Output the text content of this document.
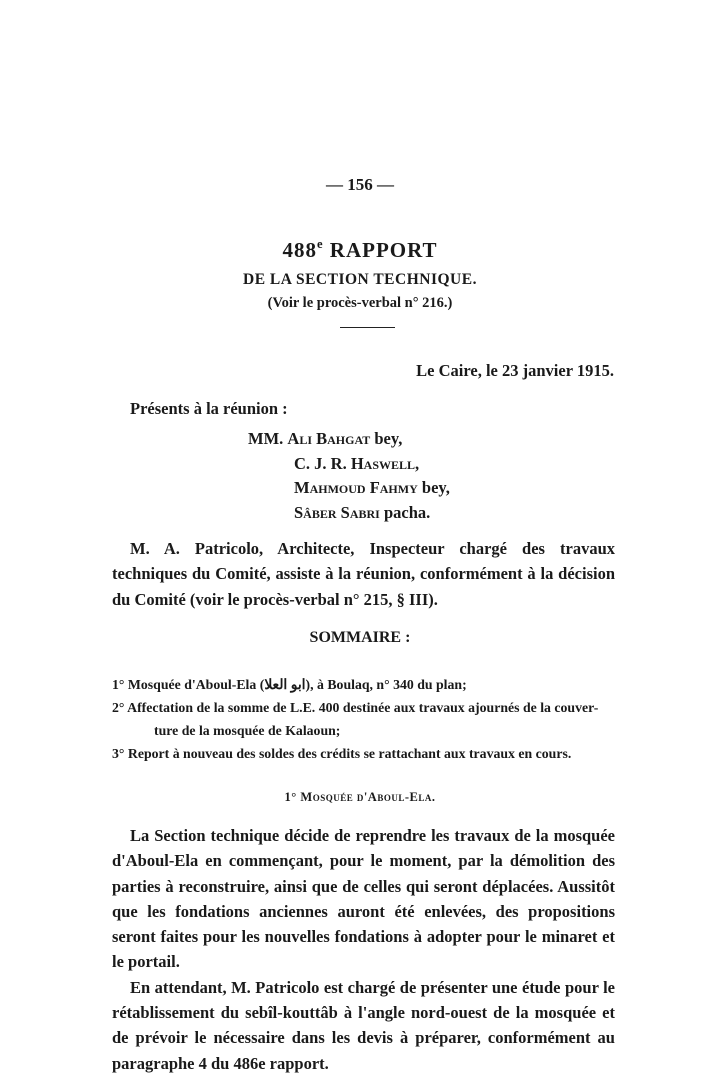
— 156 —
488e RAPPORT
DE LA SECTION TECHNIQUE.
(Voir le procès-verbal n° 216.)
Le Caire, le 23 janvier 1915.
Présents à la réunion :
MM. Ali Bahgat bey,
C. J. R. Haswell,
Mahmoud Fahmy bey,
Sâber Sabri pacha.
M. A. Patricolo, Architecte, Inspecteur chargé des travaux techniques du Comité, assiste à la réunion, conformément à la décision du Comité (voir le procès-verbal n° 215, § III).
SOMMAIRE :
1° Mosquée d'Aboul-Ela (ابو العلا), à Boulaq, n° 340 du plan;
2° Affectation de la somme de L.E. 400 destinée aux travaux ajournés de la couver-
ture de la mosquée de Kalaoun;
3° Report à nouveau des soldes des crédits se rattachant aux travaux en cours.
1° Mosquée d'Aboul-Ela.
La Section technique décide de reprendre les travaux de la mosquée d'Aboul-Ela en commençant, pour le moment, par la démolition des parties à reconstruire, ainsi que de celles qui seront déplacées. Aussitôt que les fondations anciennes auront été enlevées, des propositions seront faites pour les nouvelles fondations à adopter pour le minaret et le portail.
En attendant, M. Patricolo est chargé de présenter une étude pour le rétablissement du sebîl-kouttâb à l'angle nord-ouest de la mosquée et de prévoir le nécessaire dans les devis à préparer, conformément au paragraphe 4 du 486e rapport.
